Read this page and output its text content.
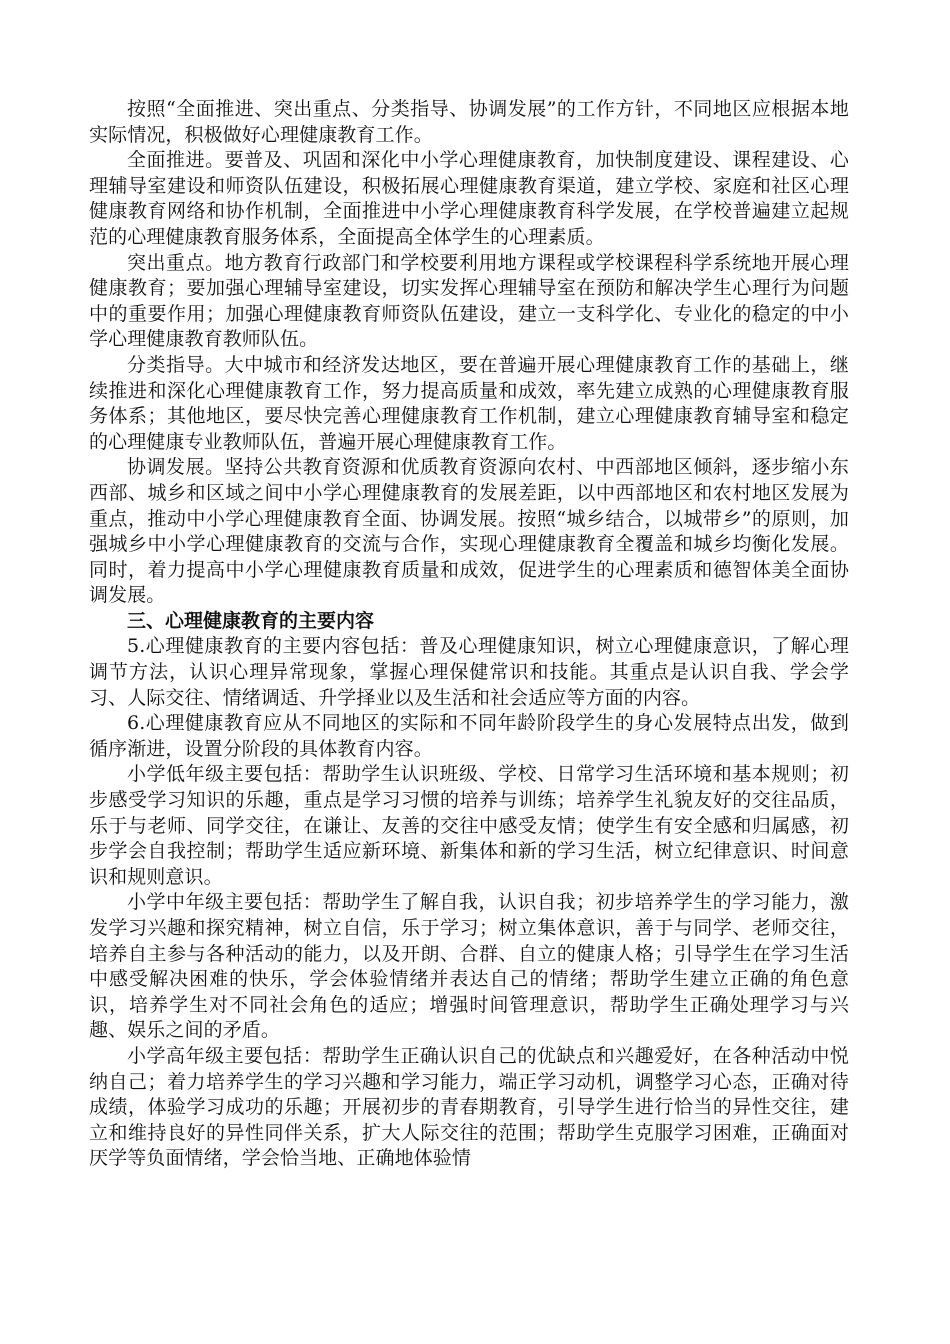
按照“全面推进、突出重点、分类指导、协调发展”的工作方针，不同地区应根据本地实际情况，积极做好心理健康教育工作。

全面推进。要普及、巩固和深化中小学心理健康教育，加快制度建设、课程建设、心理辅导室建设和师资队伍建设，积极拓展心理健康教育渠道，建立学校、家庭和社区心理健康教育网络和协作机制，全面推进中小学心理健康教育科学发展，在学校普遍建立起规范的心理健康教育服务体系，全面提高全体学生的心理素质。

突出重点。地方教育行政部门和学校要利用地方课程或学校课程科学系统地开展心理健康教育；要加强心理辅导室建设，切实发挥心理辅导室在预防和解决学生心理行为问题中的重要作用；加强心理健康教育师资队伍建设，建立一支科学化、专业化的稳定的中小学心理健康教育教师队伍。

分类指导。大中城市和经济发达地区，要在普遍开展心理健康教育工作的基础上，继续推进和深化心理健康教育工作，努力提高质量和成效，率先建立成熟的心理健康教育服务体系；其他地区，要尽快完善心理健康教育工作机制，建立心理健康教育辅导室和稳定的心理健康专业教师队伍，普遍开展心理健康教育工作。

协调发展。坚持公共教育资源和优质教育资源向农村、中西部地区倾斜，逐步缩小东西部、城乡和区域之间中小学心理健康教育的发展差距，以中西部地区和农村地区发展为重点，推动中小学心理健康教育全面、协调发展。按照“城乡结合，以城带乡”的原则，加强城乡中小学心理健康教育的交流与合作，实现心理健康教育全覆盖和城乡均衡化发展。同时，着力提高中小学心理健康教育质量和成效，促进学生的心理素质和德智体美全面协调发展。

三、心理健康教育的主要内容

5.心理健康教育的主要内容包括：普及心理健康知识，树立心理健康意识，了解心理调节方法，认识心理异常现象，掌握心理保健常识和技能。其重点是认识自我、学会学习、人际交往、情绪调适、升学择业以及生活和社会适应等方面的内容。

6.心理健康教育应从不同地区的实际和不同年龄阶段学生的身心发展特点出发，做到循序渐进，设置分阶段的具体教育内容。

小学低年级主要包括：帮助学生认识班级、学校、日常学习生活环境和基本规则；初步感受学习知识的乐趣，重点是学习习惯的培养与训练；培养学生礼貌友好的交往品质，乐于与老师、同学交往，在谦让、友善的交往中感受友情；使学生有安全感和归属感，初步学会自我控制；帮助学生适应新环境、新集体和新的学习生活，树立纪律意识、时间意识和规则意识。

小学中年级主要包括：帮助学生了解自我，认识自我；初步培养学生的学习能力，激发学习兴趣和探究精神，树立自信，乐于学习；树立集体意识，善于与同学、老师交往，培养自主参与各种活动的能力，以及开朗、合群、自立的健康人格；引导学生在学习生活中感受解决困难的快乐，学会体验情绪并表达自己的情绪；帮助学生建立正确的角色意识，培养学生对不同社会角色的适应；增强时间管理意识，帮助学生正确处理学习与兴趣、娱乐之间的矛盾。

小学高年级主要包括：帮助学生正确认识自己的优缺点和兴趣爱好，在各种活动中悦纳自己；着力培养学生的学习兴趣和学习能力，端正学习动机，调整学习心态，正确对待成绩，体验学习成功的乐趣；开展初步的青春期教育，引导学生进行恰当的异性交往，建立和维持良好的异性同伴关系，扩大人际交往的范围；帮助学生克服学习困难，正确面对厌学等负面情绪，学会恰当地、正确地体验情
